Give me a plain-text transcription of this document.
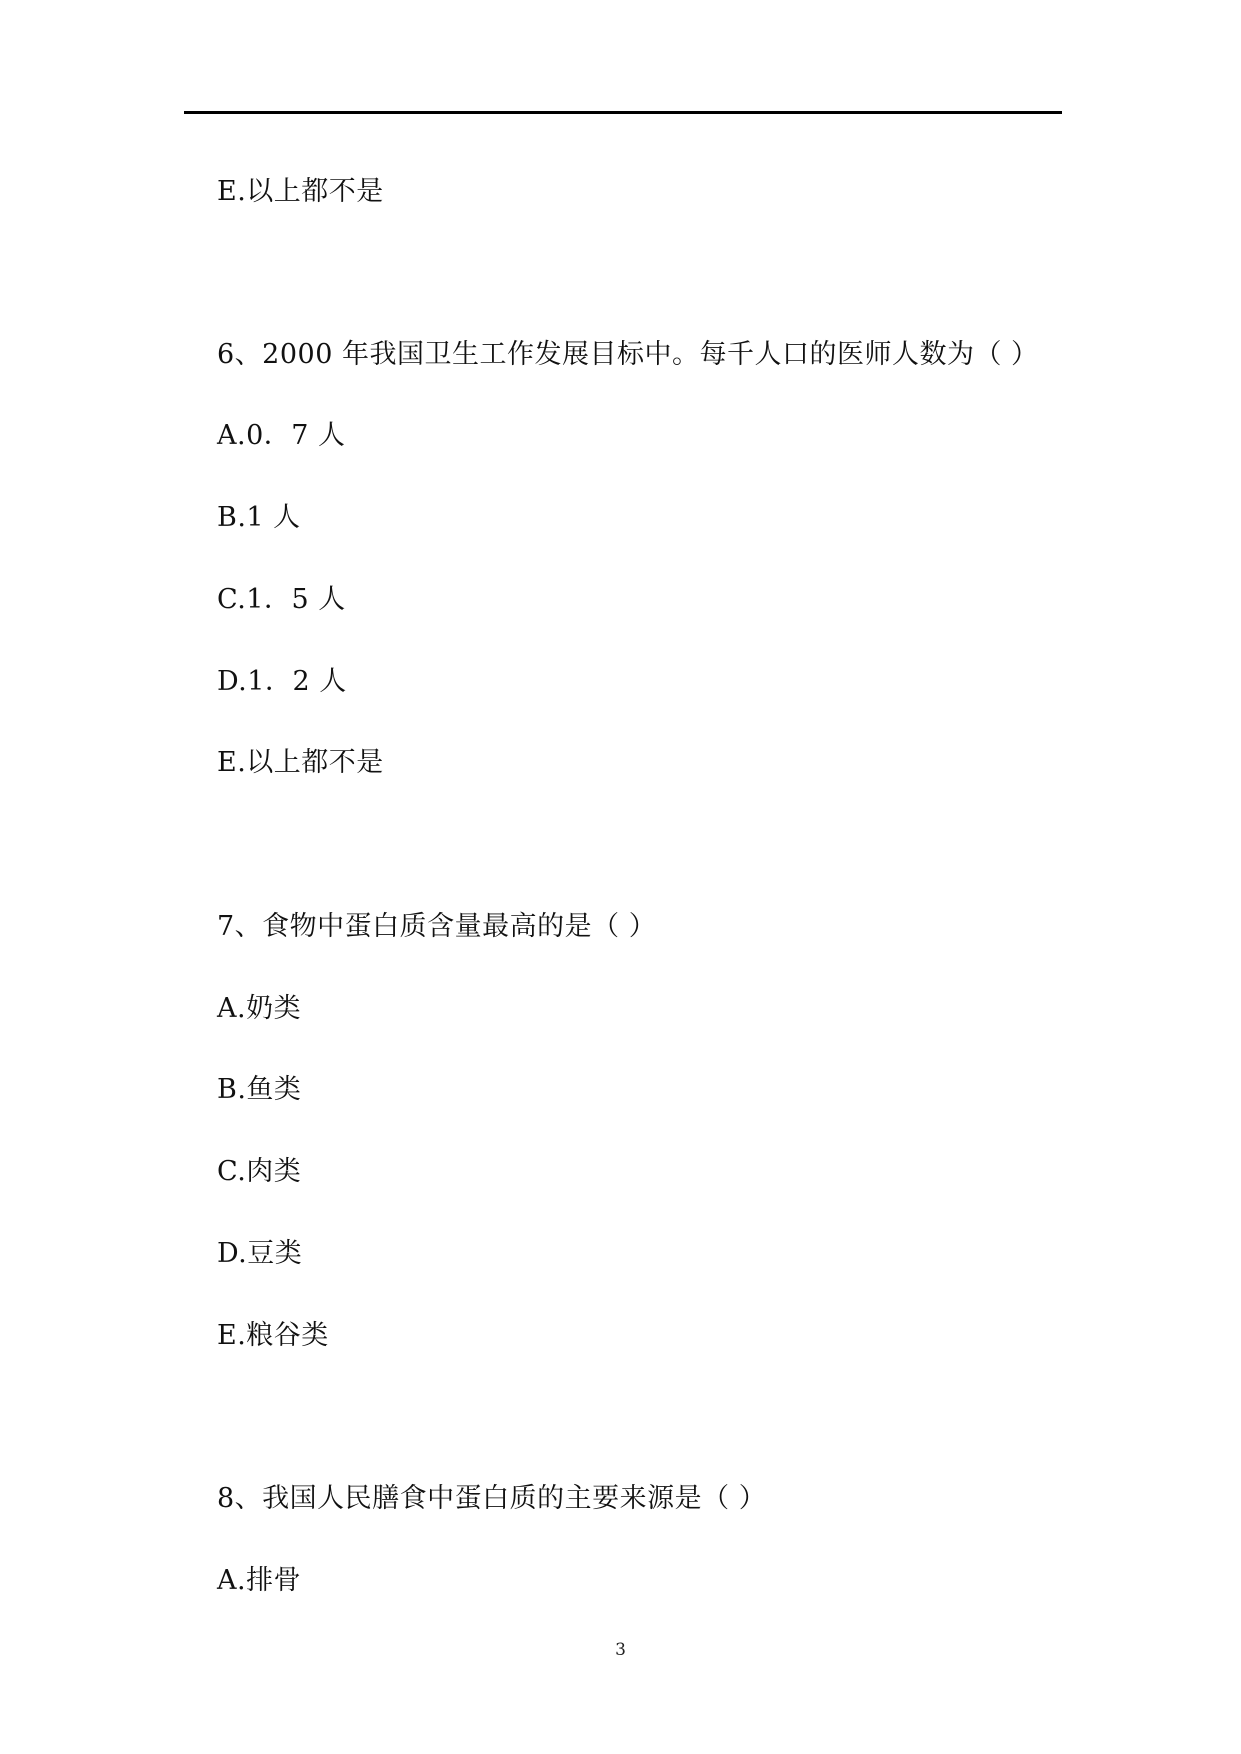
E.以上都不是
6、2000 年我国卫生工作发展目标中。每千人口的医师人数为（ ）
A.0．7 人
B.1 人
C.1．5 人
D.1．2 人
E.以上都不是
7、食物中蛋白质含量最高的是（ ）
A.奶类
B.鱼类
C.肉类
D.豆类
E.粮谷类
8、我国人民膳食中蛋白质的主要来源是（ ）
A.排骨
3
